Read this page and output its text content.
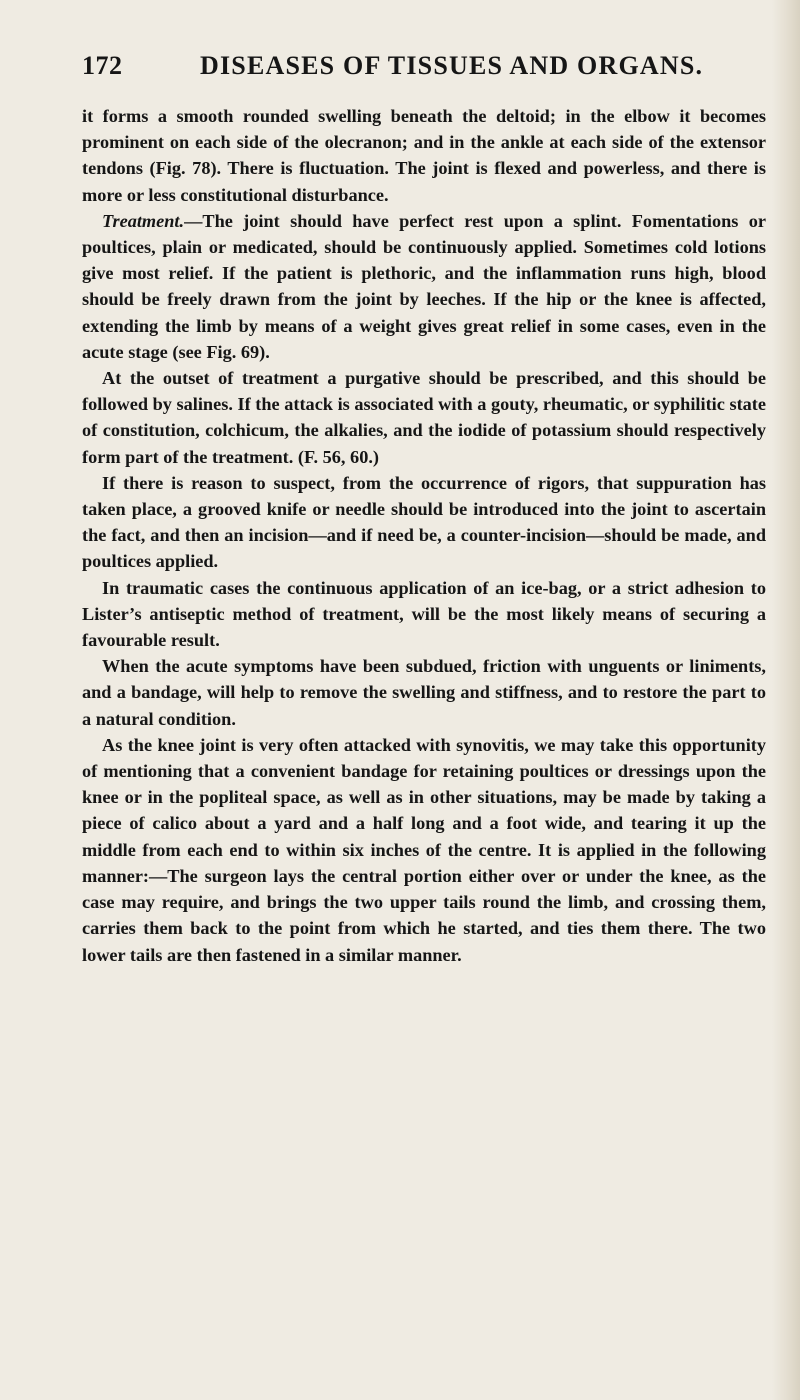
172	DISEASES OF TISSUES AND ORGANS.

it forms a smooth rounded swelling beneath the deltoid; in the elbow it becomes prominent on each side of the olecranon; and in the ankle at each side of the extensor tendons (Fig. 78). There is fluctuation. The joint is flexed and powerless, and there is more or less constitutional disturbance.

Treatment.—The joint should have perfect rest upon a splint. Fomentations or poultices, plain or medicated, should be continuously applied. Sometimes cold lotions give most relief. If the patient is plethoric, and the inflammation runs high, blood should be freely drawn from the joint by leeches. If the hip or the knee is affected, extending the limb by means of a weight gives great relief in some cases, even in the acute stage (see Fig. 69).

At the outset of treatment a purgative should be prescribed, and this should be followed by salines. If the attack is associated with a gouty, rheumatic, or syphilitic state of constitution, colchicum, the alkalies, and the iodide of potassium should respectively form part of the treatment. (F. 56, 60.)

If there is reason to suspect, from the occurrence of rigors, that suppuration has taken place, a grooved knife or needle should be introduced into the joint to ascertain the fact, and then an incision—and if need be, a counter-incision—should be made, and poultices applied.

In traumatic cases the continuous application of an ice-bag, or a strict adhesion to Lister’s antiseptic method of treatment, will be the most likely means of securing a favourable result.

When the acute symptoms have been subdued, friction with unguents or liniments, and a bandage, will help to remove the swelling and stiffness, and to restore the part to a natural condition.

As the knee joint is very often attacked with synovitis, we may take this opportunity of mentioning that a convenient bandage for retaining poultices or dressings upon the knee or in the popliteal space, as well as in other situations, may be made by taking a piece of calico about a yard and a half long and a foot wide, and tearing it up the middle from each end to within six inches of the centre. It is applied in the following manner:—The surgeon lays the central portion either over or under the knee, as the case may require, and brings the two upper tails round the limb, and crossing them, carries them back to the point from which he started, and ties them there. The two lower tails are then fastened in a similar manner.
